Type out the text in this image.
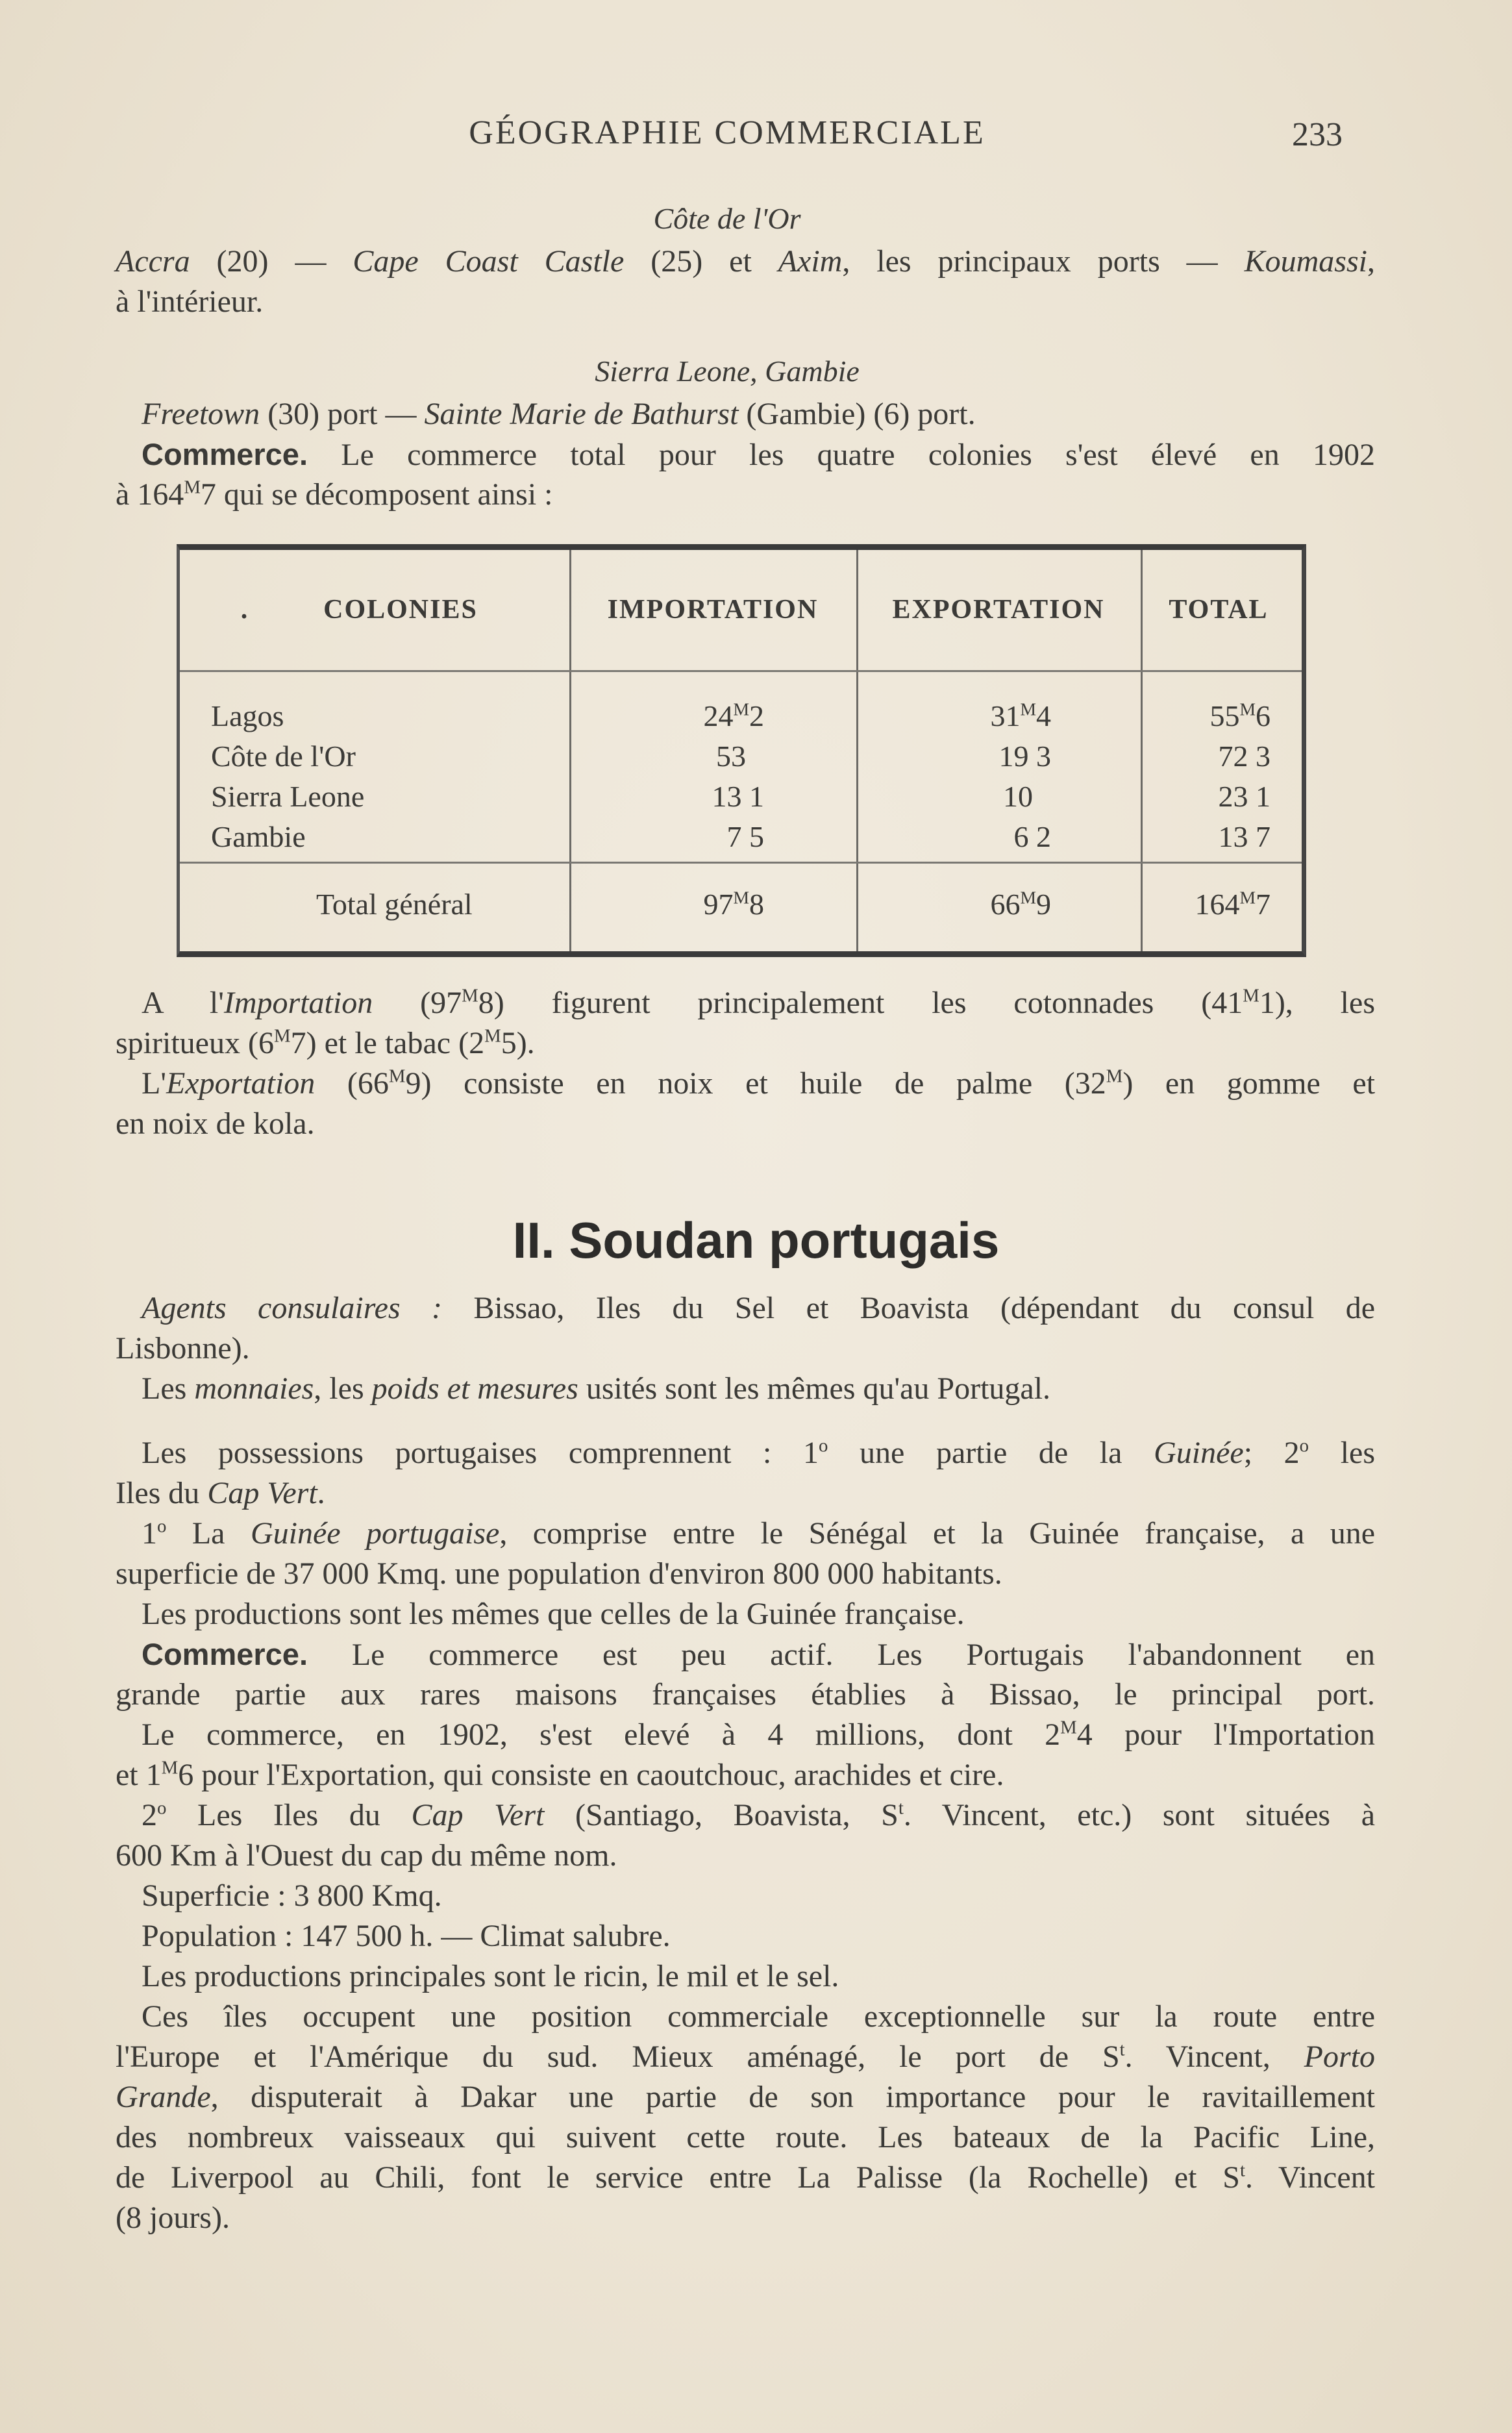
GÉOGRAPHIE COMMERCIALE	233
Côte de l'Or
Accra (20) — Cape Coast Castle (25) et Axim, les principaux ports — Koumassi,
à l'intérieur.
Sierra Leone, Gambie
Freetown (30) port — Sainte Marie de Bathurst (Gambie) (6) port.
Commerce. Le commerce total pour les quatre colonies s'est élevé en 1902
à $164^M7$ qui se décomposent ainsi :
.	COLONIES	IMPORTATION	EXPORTATION	TOTAL
Lagos	$24^M2$	$31^M4$	$55^M6$
Côte de l'Or	53	19 3	72 3
Sierra Leone	13 1	10	23 1
Gambie	7 5	6 2	13 7
Total général	$97^M8$	$66^M9$	$164^M7$
A l'Importation $(97^M8)$ figurent principalement les cotonnades $(41^M1)$, les
spiritueux $(6^M7)$ et le tabac $(2^M5)$.
L'Exportation $(66^M9)$ consiste en noix et huile de palme $(32^M)$ en gomme et
en noix de kola.
II. Soudan portugais
Agents consulaires : Bissao, Iles du Sel et Boavista (dépendant du consul de
Lisbonne).
Les monnaies, les poids et mesures usités sont les mêmes qu'au Portugal.
Les possessions portugaises comprennent : 1$^o$ une partie de la Guinée; 2$^o$ les
Iles du Cap Vert.
1$^o$ La Guinée portugaise, comprise entre le Sénégal et la Guinée française, a une
superficie de 37 000 Kmq. une population d'environ 800 000 habitants.
Les productions sont les mêmes que celles de la Guinée française.
Commerce. Le commerce est peu actif. Les Portugais l'abandonnent en
grande partie aux rares maisons françaises établies à Bissao, le principal port.
Le commerce, en 1902, s'est elevé à 4 millions, dont $2^M4$ pour l'Importation
et $1^M6$ pour l'Exportation, qui consiste en caoutchouc, arachides et cire.
2$^o$ Les Iles du Cap Vert (Santiago, Boavista, $S^t$. Vincent, etc.) sont situées à
600 Km à l'Ouest du cap du même nom.
Superficie : 3 800 Kmq.
Population : 147 500 h. — Climat salubre.
Les productions principales sont le ricin, le mil et le sel.
Ces îles occupent une position commerciale exceptionnelle sur la route entre
l'Europe et l'Amérique du sud. Mieux aménagé, le port de $S^t$. Vincent, Porto
Grande, disputerait à Dakar une partie de son importance pour le ravitaillement
des nombreux vaisseaux qui suivent cette route. Les bateaux de la Pacific Line,
de Liverpool au Chili, font le service entre La Palisse (la Rochelle) et $S^t$. Vincent
(8 jours).
